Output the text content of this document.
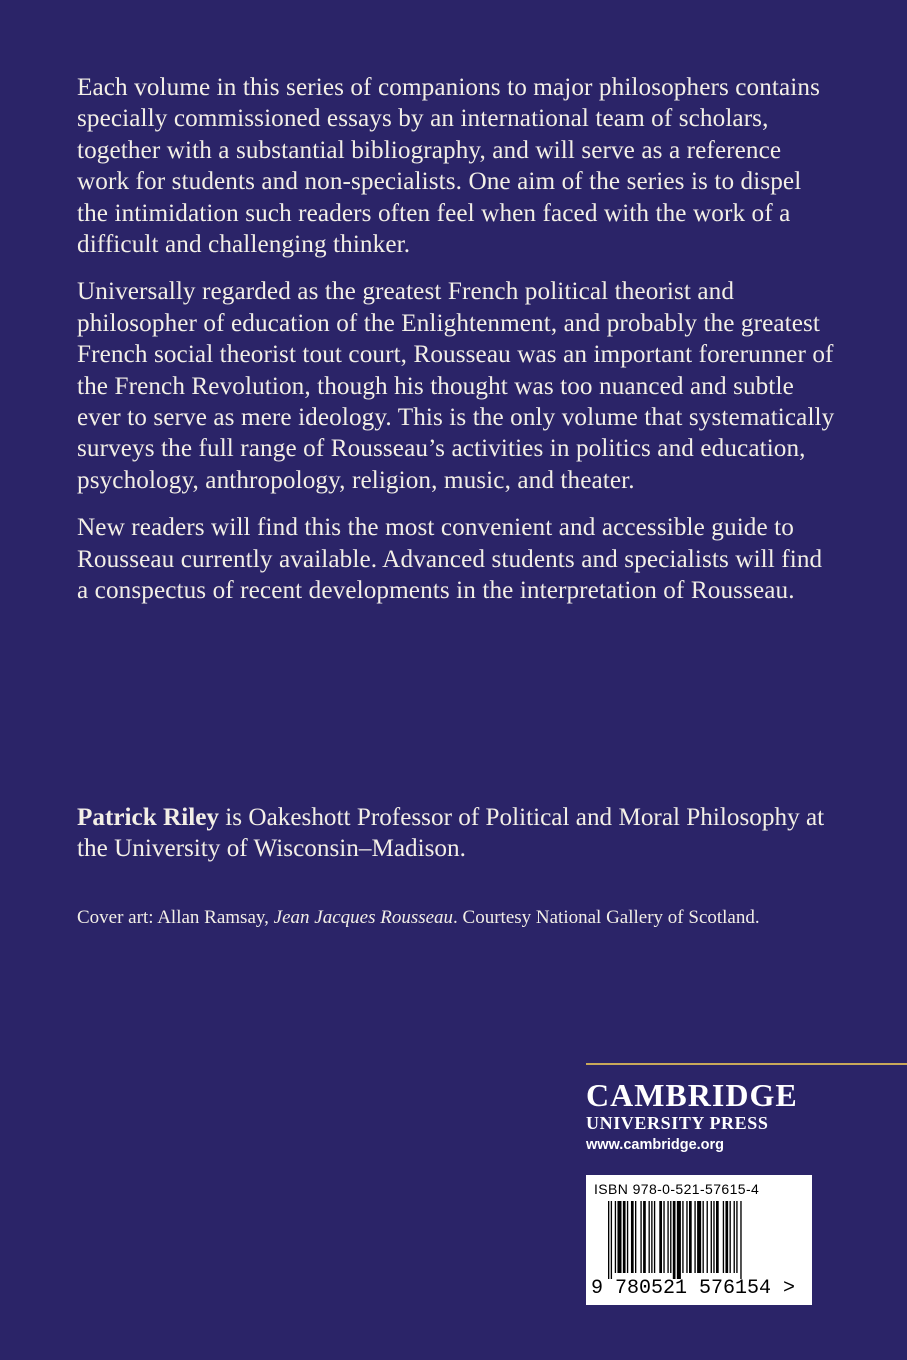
Each volume in this series of companions to major philosophers contains specially commissioned essays by an international team of scholars, together with a substantial bibliography, and will serve as a reference work for students and non-specialists. One aim of the series is to dispel the intimidation such readers often feel when faced with the work of a difficult and challenging thinker.

Universally regarded as the greatest French political theorist and philosopher of education of the Enlightenment, and probably the greatest French social theorist tout court, Rousseau was an important forerunner of the French Revolution, though his thought was too nuanced and subtle ever to serve as mere ideology. This is the only volume that systematically surveys the full range of Rousseau’s activities in politics and education, psychology, anthropology, religion, music, and theater.

New readers will find this the most convenient and accessible guide to Rousseau currently available. Advanced students and specialists will find a conspectus of recent developments in the interpretation of Rousseau.

Patrick Riley is Oakeshott Professor of Political and Moral Philosophy at the University of Wisconsin–Madison.

Cover art: Allan Ramsay, Jean Jacques Rousseau. Courtesy National Gallery of Scotland.

CAMBRIDGE
UNIVERSITY PRESS
www.cambridge.org
ISBN 978-0-521-57615-4
9 780521 576154 >
